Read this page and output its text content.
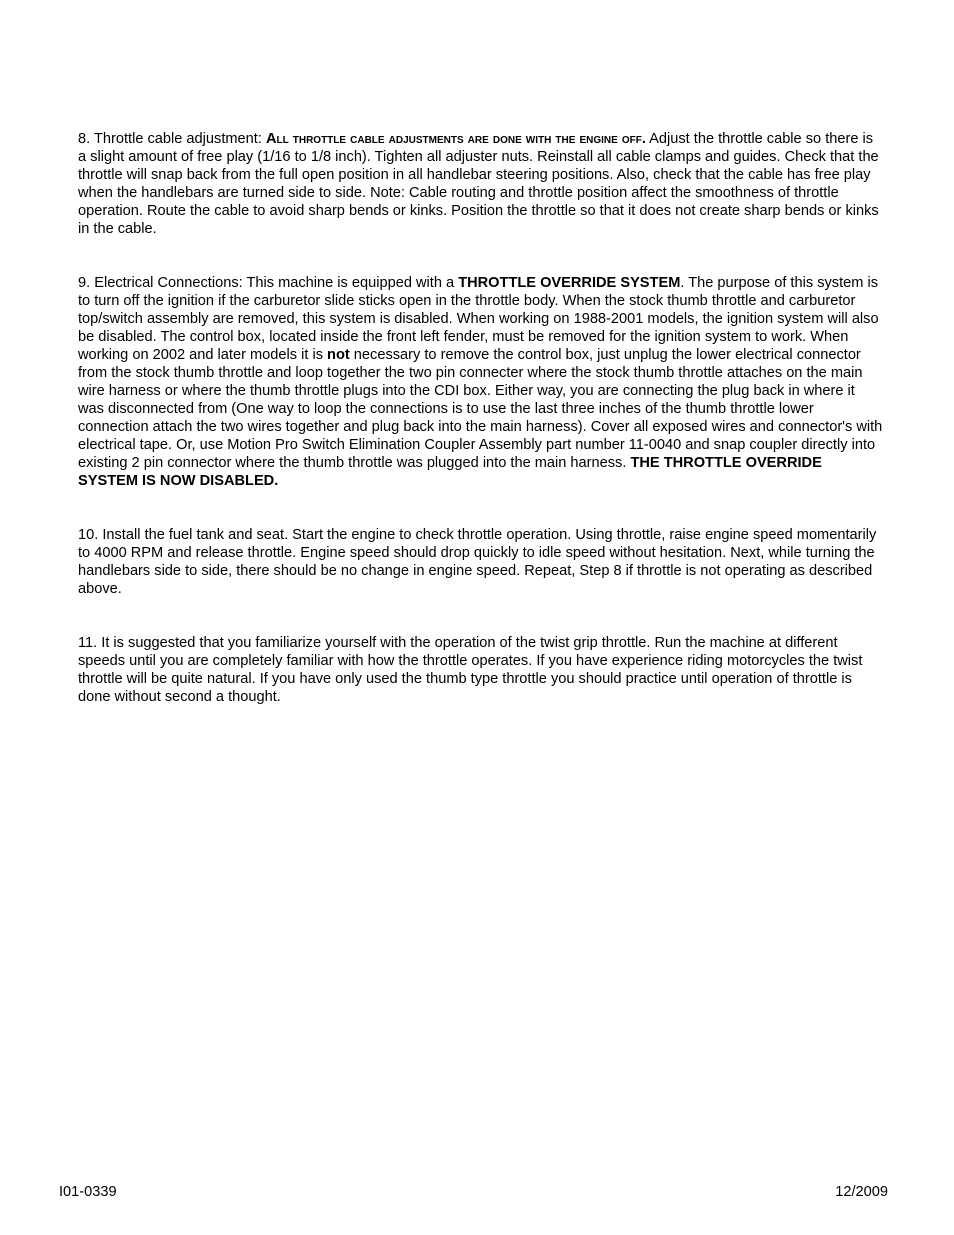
8. Throttle cable adjustment: All throttle cable adjustments are done with the engine off. Adjust the throttle cable so there is a slight amount of free play (1/16 to 1/8 inch). Tighten all adjuster nuts. Reinstall all cable clamps and guides. Check that the throttle will snap back from the full open position in all handlebar steering positions. Also, check that the cable has free play when the handlebars are turned side to side. Note: Cable routing and throttle position affect the smoothness of throttle operation. Route the cable to avoid sharp bends or kinks. Position the throttle so that it does not create sharp bends or kinks in the cable.

9. Electrical Connections: This machine is equipped with a THROTTLE OVERRIDE SYSTEM. The purpose of this system is to turn off the ignition if the carburetor slide sticks open in the throttle body. When the stock thumb throttle and carburetor top/switch assembly are removed, this system is disabled. When working on 1988-2001 models, the ignition system will also be disabled. The control box, located inside the front left fender, must be removed for the ignition system to work. When working on 2002 and later models it is not necessary to remove the control box, just unplug the lower electrical connector from the stock thumb throttle and loop together the two pin connecter where the stock thumb throttle attaches on the main wire harness or where the thumb throttle plugs into the CDI box. Either way, you are connecting the plug back in where it was disconnected from (One way to loop the connections is to use the last three inches of the thumb throttle lower connection attach the two wires together and plug back into the main harness). Cover all exposed wires and connector's with electrical tape. Or, use Motion Pro Switch Elimination Coupler Assembly part number 11-0040 and snap coupler directly into existing 2 pin connector where the thumb throttle was plugged into the main harness. THE THROTTLE OVERRIDE SYSTEM IS NOW DISABLED.

10. Install the fuel tank and seat. Start the engine to check throttle operation. Using throttle, raise engine speed momentarily to 4000 RPM and release throttle. Engine speed should drop quickly to idle speed without hesitation. Next, while turning the handlebars side to side, there should be no change in engine speed. Repeat, Step 8 if throttle is not operating as described above.

11. It is suggested that you familiarize yourself with the operation of the twist grip throttle. Run the machine at different speeds until you are completely familiar with how the throttle operates. If you have experience riding motorcycles the twist throttle will be quite natural. If you have only used the thumb type throttle you should practice until operation of throttle is done without second a thought.

I01-0339	12/2009
